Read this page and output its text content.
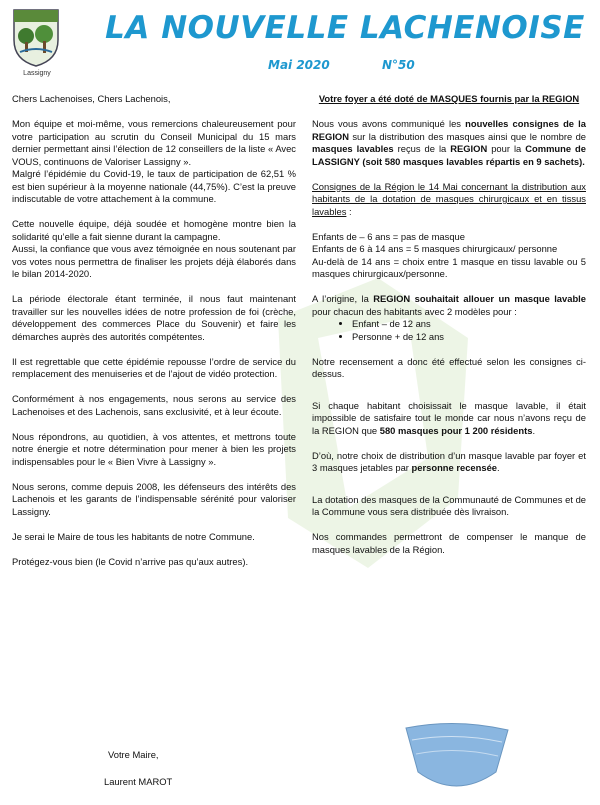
Lassigny
LA NOUVELLE LACHENOISE
Mai 2020	N°50

Chers Lachenoises, Chers Lachenois,

Mon équipe et moi-même, vous remercions chaleureusement pour votre participation au scrutin du Conseil Municipal du 15 mars dernier permettant ainsi l’élection de 12 conseillers de la liste « Avec VOUS, continuons de Valoriser Lassigny ».

Malgré l’épidémie du Covid-19, le taux de participation de 62,51 % est bien supérieur à la moyenne nationale (44,75%). C’est la preuve indiscutable de votre attachement à la commune.

Cette nouvelle équipe, déjà soudée et homogène montre bien la solidarité qu’elle a fait sienne durant la campagne.

Aussi, la confiance que vous avez témoignée en nous soutenant par vos votes nous permettra de finaliser les projets déjà élaborés dans le bilan 2014-2020.

La période électorale étant terminée, il nous faut maintenant travailler sur les nouvelles idées de notre profession de foi (crèche, développement des commerces Place du Souvenir) et faire les démarches auprès des autorités compétentes.

Il est regrettable que cette épidémie repousse l’ordre de service du remplacement des menuiseries et de l’ajout de vidéo protection.

Conformément à nos engagements, nous serons au service des Lachenoises et des Lachenois, sans exclusivité, et à leur écoute.

Nous répondrons, au quotidien, à vos attentes, et mettrons toute notre énergie et notre détermination pour mener à bien les projets indispensables pour le « Bien Vivre à Lassigny ».

Nous serons, comme depuis 2008, les défenseurs des intérêts des Lachenois et les garants de l’indispensable sérénité pour valoriser Lassigny.

Je serai le Maire de tous les habitants de notre Commune.

Protégez-vous bien (le Covid n’arrive pas qu’aux autres).

Votre Maire,
Laurent MAROT
Votre foyer a été doté de MASQUES fournis par la REGION

Nous vous avons communiqué les nouvelles consignes de la REGION sur la distribution des masques ainsi que le nombre de masques lavables reçus de la REGION pour la Commune de LASSIGNY (soit 580 masques lavables répartis en 9 sachets).

Consignes de la Région le 14 Mai concernant la distribution aux habitants de la dotation de masques chirurgicaux et en tissus lavables :

Enfants de – 6 ans = pas de masque

Enfants de 6 à 14 ans = 5 masques chirurgicaux/ personne

Au-delà de 14 ans = choix entre 1 masque en tissu lavable ou 5 masques chirurgicaux/personne.

A l’origine, la REGION souhaitait allouer un masque lavable pour chacun des habitants avec 2 modèles pour :

• Enfant – de 12 ans
• Personne + de 12 ans

Notre recensement a donc été effectué selon les consignes ci-dessus.

Si chaque habitant choisissait le masque lavable, il était impossible de satisfaire tout le monde car nous n’avons reçu de la REGION que 580 masques pour 1 200 résidents.

D’où, notre choix de distribution d’un masque lavable par foyer et 3 masques jetables par personne recensée.

La dotation des masques de la Communauté de Communes et de la Commune vous sera distribuée dès livraison.

Nos commandes permettront de compenser le manque de masques lavables de la Région.
